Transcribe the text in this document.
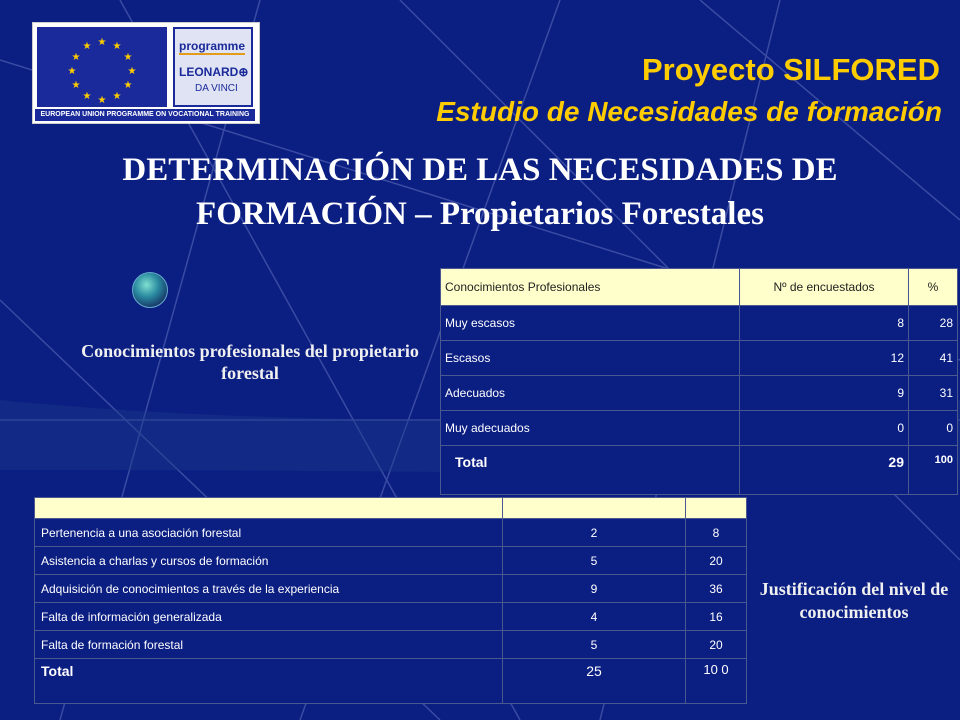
★ ★
★
★
★
★
★
★
★
★
★
★	programme
LEONARD⊕
DA VINCI
EUROPEAN UNION PROGRAMME ON VOCATIONAL TRAINING
Proyecto SILFORED
Estudio de Necesidades de formación
DETERMINACIÓN DE LAS NECESIDADES DE
FORMACIÓN – Propietarios Forestales
Conocimientos profesionales del propietario forestal
Justificación del nivel de conocimientos
Conocimientos Profesionales	Nº de encuestados	%
Muy escasos	8	28
Escasos	12	41
Adecuados	9	31
Muy adecuados	0	0
Total	29	100
Justificación del nivel de conocimientos	Nº de respuestas	%
Pertenencia a una asociación forestal	2	8
Asistencia a charlas y cursos de formación	5	20
Adquisición de conocimientos a través de la experiencia	9	36
Falta de información generalizada	4	16
Falta de formación forestal	5	20
Total	25	10 0
